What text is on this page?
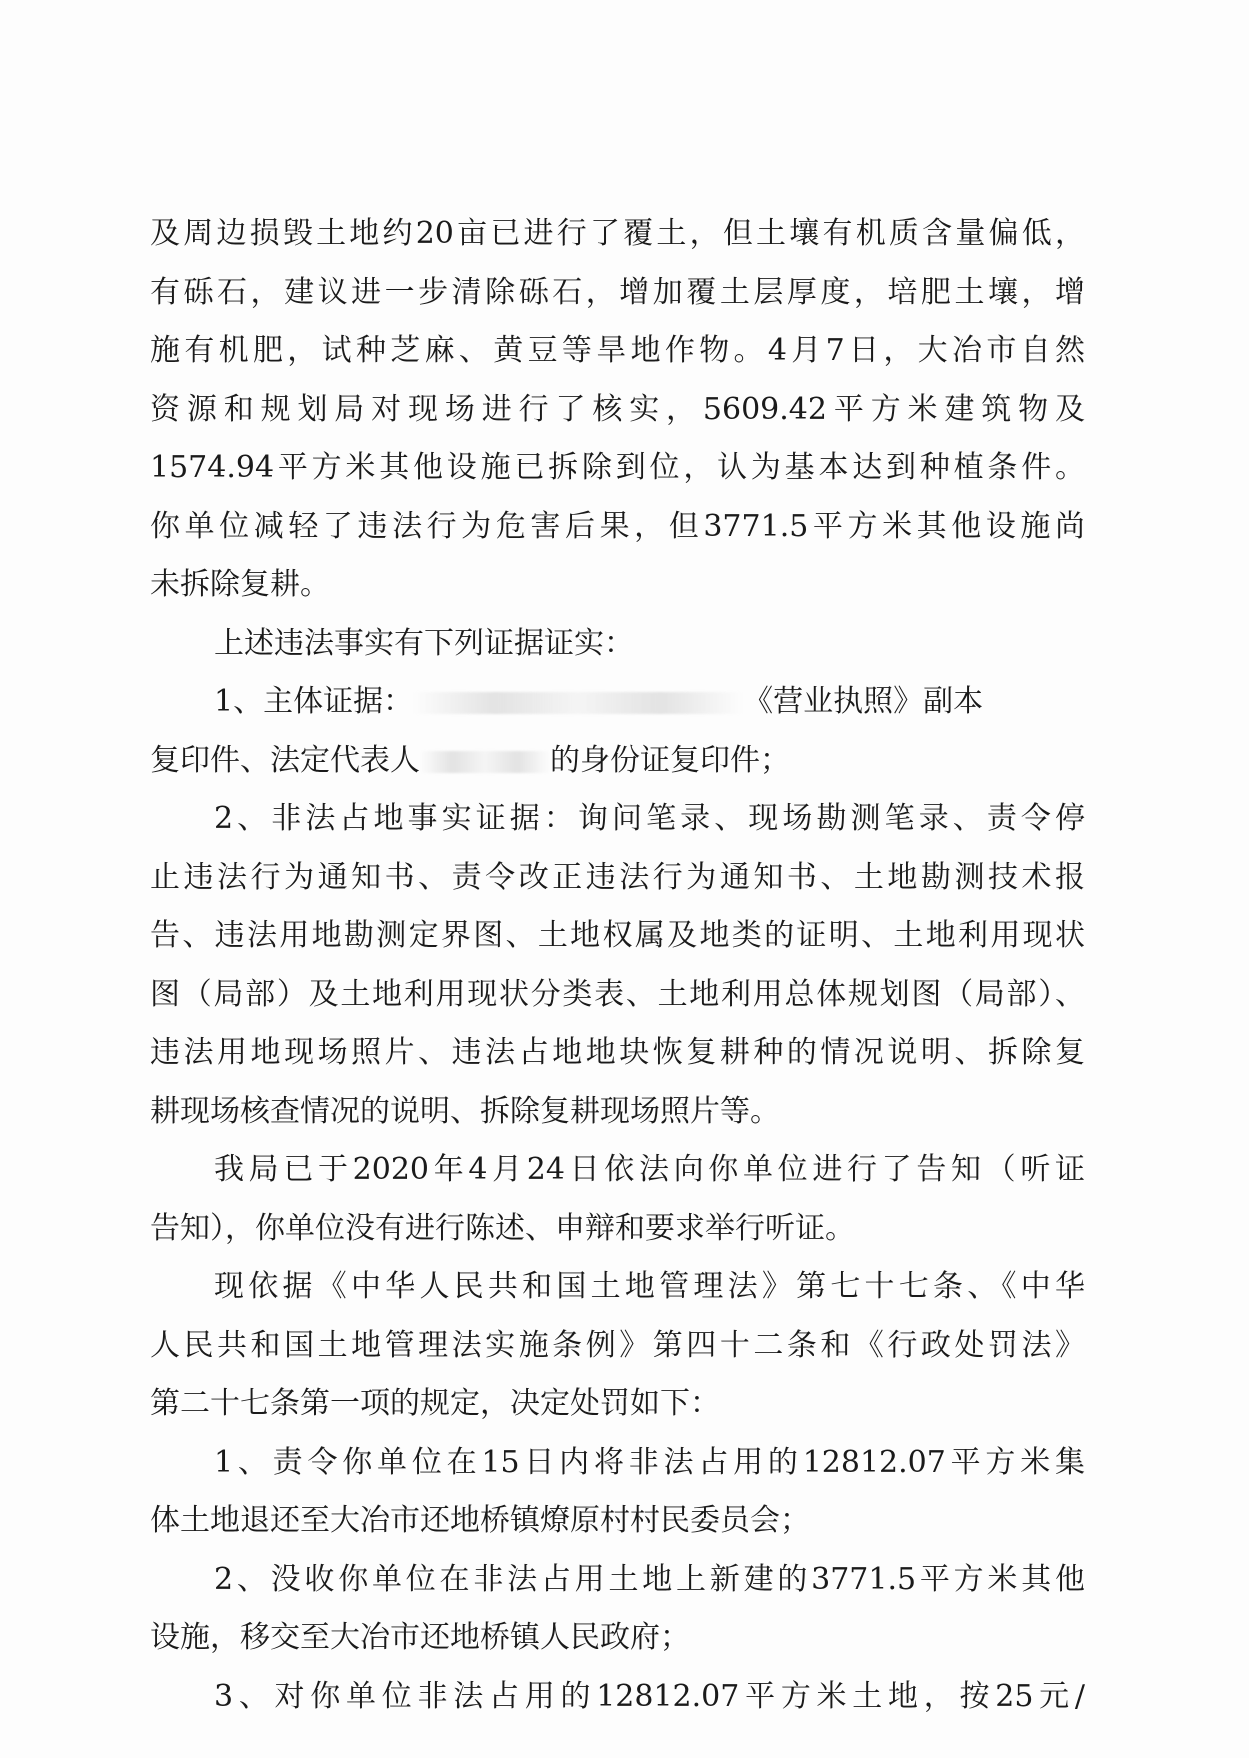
及周边损毁土地约20亩已进行了覆土，但土壤有机质含量偏低，
有砾石，建议进一步清除砾石，增加覆土层厚度，培肥土壤，增
施有机肥，试种芝麻、黄豆等旱地作物。4月7日，大冶市自然
资源和规划局对现场进行了核实，5609.42平方米建筑物及
1574.94平方米其他设施已拆除到位，认为基本达到种植条件。
你单位减轻了违法行为危害后果，但3771.5平方米其他设施尚
未拆除复耕。
上述违法事实有下列证据证实：
1、主体证据：	《营业执照》副本
复印件、法定代表人	的身份证复印件；
2、非法占地事实证据：询问笔录、现场勘测笔录、责令停
止违法行为通知书、责令改正违法行为通知书、土地勘测技术报
告、违法用地勘测定界图、土地权属及地类的证明、土地利用现状
图（局部）及土地利用现状分类表、土地利用总体规划图（局部）、
违法用地现场照片、违法占地地块恢复耕种的情况说明、拆除复
耕现场核查情况的说明、拆除复耕现场照片等。
我局已于2020年4月24日依法向你单位进行了告知（听证
告知），你单位没有进行陈述、申辩和要求举行听证。
现依据《中华人民共和国土地管理法》第七十七条、《中华
人民共和国土地管理法实施条例》第四十二条和《行政处罚法》
第二十七条第一项的规定，决定处罚如下：
1、责令你单位在15日内将非法占用的12812.07平方米集
体土地退还至大冶市还地桥镇燎原村村民委员会；
2、没收你单位在非法占用土地上新建的3771.5平方米其他
设施，移交至大冶市还地桥镇人民政府；
3、对你单位非法占用的12812.07平方米土地，按25元/
